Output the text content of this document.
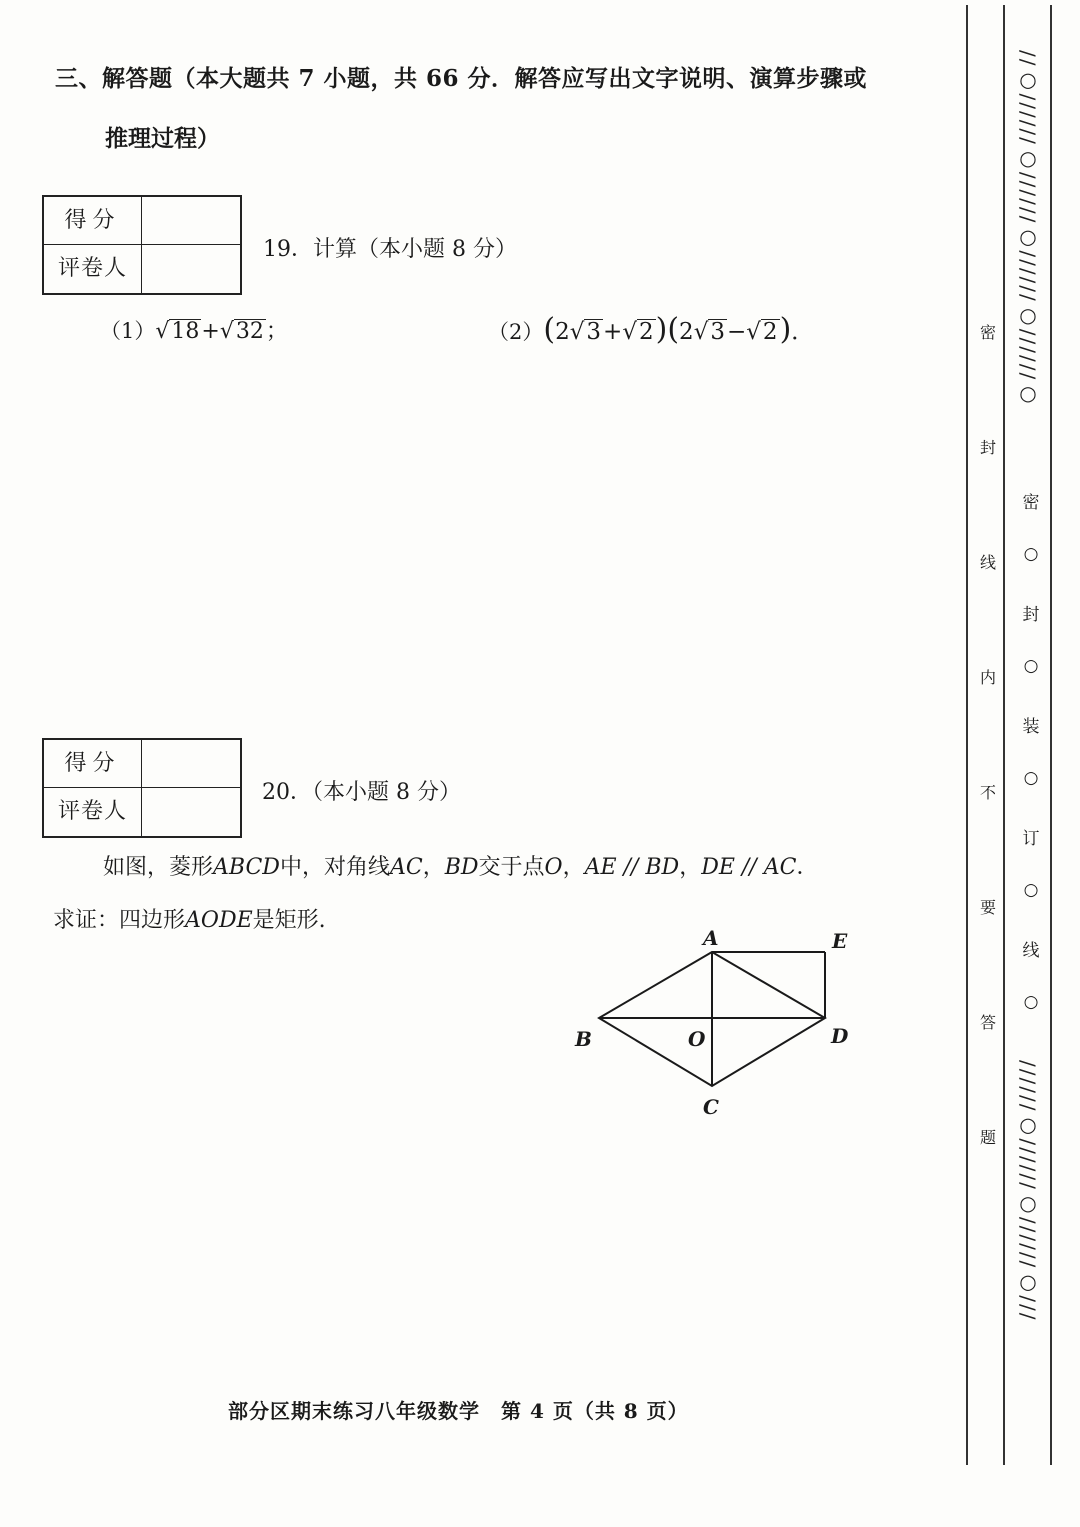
三、解答题（本大题共 7 小题，共 66 分．解答应写出文字说明、演算步骤或
推理过程）
得分
评卷人
19．计算（本小题 8 分）
（1）√18+√32；	（2）(2√3+√2)(2√3−√2)．
得分
评卷人
20．（本小题 8 分）
如图，菱形ABCD中，对角线AC，BD交于点O，AE // BD，DE // AC．
求证：四边形AODE是矩形.
A	E
B	O	D
C
//○//////○//////○//////○//////○
密
封
线
内
不
要
答
题
密
○
封
○
装
○
订
○
线
○
//////○//////○//////○///
部分区期末练习八年级数学　第 4 页（共 8 页）
